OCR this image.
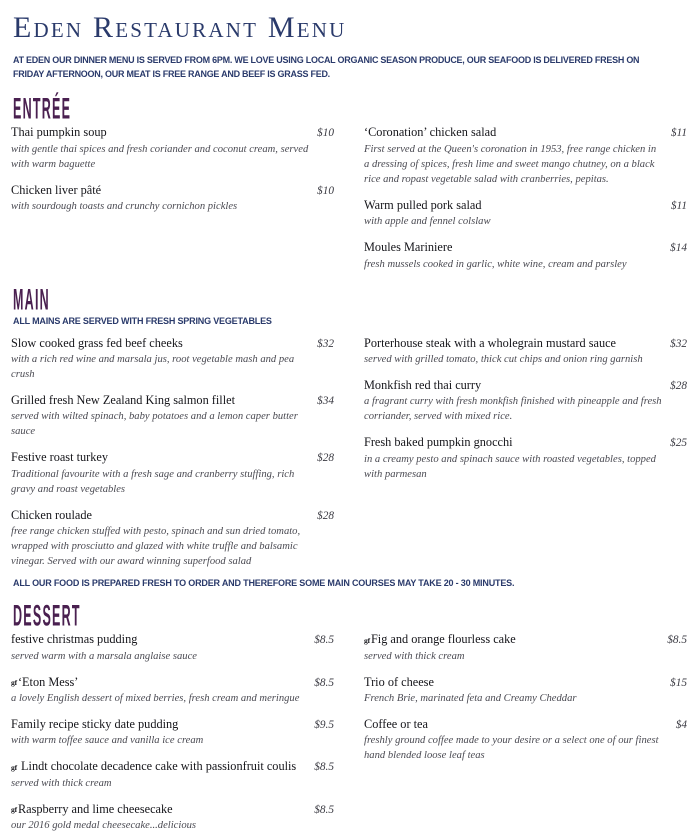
Eden Restaurant Menu
AT EDEN OUR DINNER MENU IS SERVED FROM 6PM. WE LOVE USING LOCAL ORGANIC SEASON PRODUCE, OUR SEAFOOD IS DELIVERED FRESH ON FRIDAY AFTERNOON, OUR MEAT IS FREE RANGE AND BEEF IS GRASS FED.
ENTRÉE
Thai pumpkin soup	$10
with gentle thai spices and fresh coriander and coconut cream, served with warm baguette
Chicken liver pâté	$10
with sourdough toasts and crunchy cornichon pickles
‘Coronation’ chicken salad	$11
First served at the Queen's coronation in 1953, free range chicken in a dressing of spices, fresh lime and sweet mango chutney, on a black rice and ropast vegetable salad with cranberries, pepitas.
Warm pulled pork salad	$11
with apple and fennel colslaw
Moules Mariniere	$14
fresh mussels cooked in garlic, white wine, cream and parsley
MAIN
ALL MAINS ARE SERVED WITH FRESH SPRING VEGETABLES
Slow cooked grass fed beef cheeks	$32
with a rich red wine and marsala jus, root vegetable mash and pea crush
Grilled fresh New Zealand King salmon fillet	$34
served with wilted spinach, baby potatoes and a lemon caper butter sauce
Festive roast turkey	$28
Traditional favourite with a fresh sage and cranberry stuffing, rich gravy and roast vegetables
Chicken roulade	$28
free range chicken stuffed with pesto, spinach and sun dried tomato, wrapped with prosciutto and glazed with white truffle and balsamic vinegar. Served with our award winning superfood salad
Porterhouse steak with a wholegrain mustard sauce	$32
served with grilled tomato, thick cut chips and onion ring garnish
Monkfish red thai curry	$28
a fragrant curry with fresh monkfish finished with pineapple and fresh corriander, served with mixed rice.
Fresh baked pumpkin gnocchi	$25
in a creamy pesto and spinach sauce with roasted vegetables, topped with parmesan
ALL OUR FOOD IS PREPARED FRESH TO ORDER AND THEREFORE SOME MAIN COURSES MAY TAKE 20 - 30 MINUTES.
DESSERT
festive christmas pudding	$8.5
served warm with a marsala anglaise sauce
gf‘Eton Mess’	$8.5
a lovely English dessert of mixed berries, fresh cream and meringue
Family recipe sticky date pudding	$9.5
with warm toffee sauce and vanilla ice cream
gf Lindt chocolate decadence cake with passionfruit coulis $8.5
served with thick cream
gfRaspberry and lime cheesecake	$8.5
our 2016 gold medal cheesecake...delicious
gfFig and orange flourless cake	$8.5
served with thick cream
Trio of cheese	$15
French Brie, marinated feta and Creamy Cheddar
Coffee or tea	$4
freshly ground coffee made to your desire or a select one of our finest hand blended loose leaf teas
